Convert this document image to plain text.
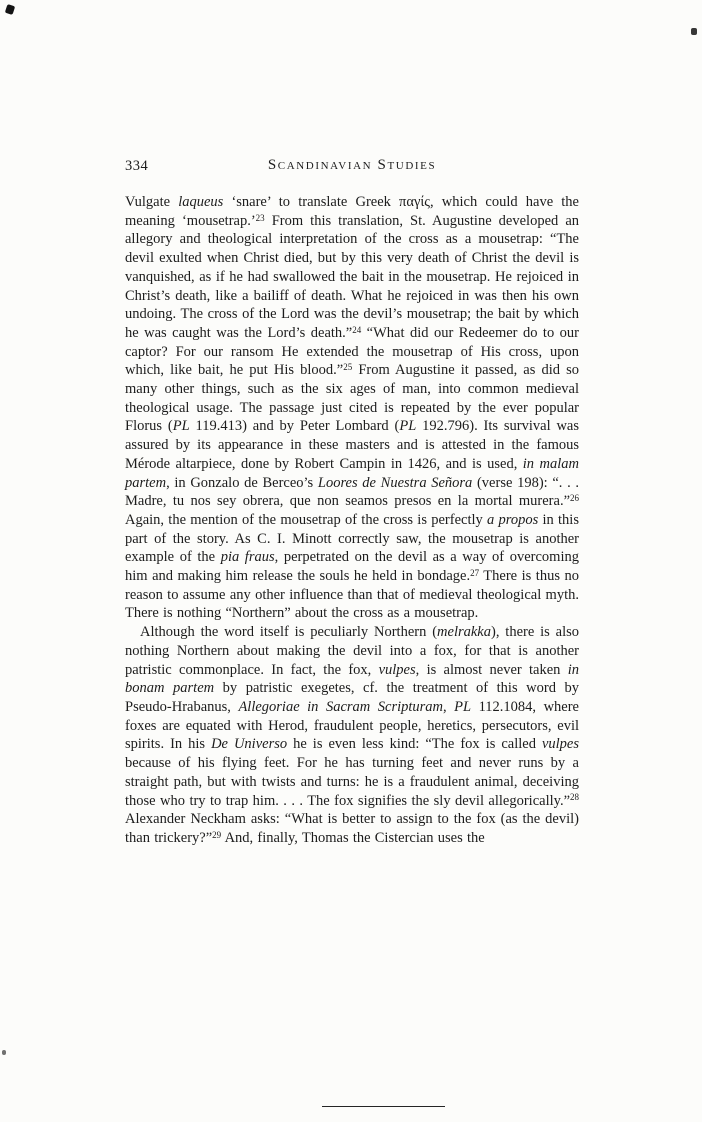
334	Scandinavian Studies

Vulgate laqueus ‘snare’ to translate Greek παγίς, which could have the meaning ‘mousetrap.’$^{23}$ From this translation, St. Augustine developed an allegory and theological interpretation of the cross as a mousetrap: “The devil exulted when Christ died, but by this very death of Christ the devil is vanquished, as if he had swallowed the bait in the mousetrap. He rejoiced in Christ’s death, like a bailiff of death. What he rejoiced in was then his own undoing. The cross of the Lord was the devil’s mousetrap; the bait by which he was caught was the Lord’s death.”$^{24}$ “What did our Redeemer do to our captor? For our ransom He extended the mousetrap of His cross, upon which, like bait, he put His blood.”$^{25}$ From Augustine it passed, as did so many other things, such as the six ages of man, into common medieval theological usage. The passage just cited is repeated by the ever popular Florus (PL 119.413) and by Peter Lombard (PL 192.796). Its survival was assured by its appearance in these masters and is attested in the famous Mérode altarpiece, done by Robert Campin in 1426, and is used, in malam partem, in Gonzalo de Berceo’s Loores de Nuestra Señora (verse 198): “. . . Madre, tu nos sey obrera, que non seamos presos en la mortal murera.”$^{26}$ Again, the mention of the mousetrap of the cross is perfectly a propos in this part of the story. As C. I. Minott correctly saw, the mousetrap is another example of the pia fraus, perpetrated on the devil as a way of overcoming him and making him release the souls he held in bondage.$^{27}$ There is thus no reason to assume any other influence than that of medieval theological myth. There is nothing “Northern” about the cross as a mousetrap.

Although the word itself is peculiarly Northern (melrakka), there is also nothing Northern about making the devil into a fox, for that is another patristic commonplace. In fact, the fox, vulpes, is almost never taken in bonam partem by patristic exegetes, cf. the treatment of this word by Pseudo-Hrabanus, Allegoriae in Sacram Scripturam, PL 112.1084, where foxes are equated with Herod, fraudulent people, heretics, persecutors, evil spirits. In his De Universo he is even less kind: “The fox is called vulpes because of his flying feet. For he has turning feet and never runs by a straight path, but with twists and turns: he is a fraudulent animal, deceiving those who try to trap him. . . . The fox signifies the sly devil allegorically.”$^{28}$ Alexander Neckham asks: “What is better to assign to the fox (as the devil) than trickery?”$^{29}$ And, finally, Thomas the Cistercian uses the
